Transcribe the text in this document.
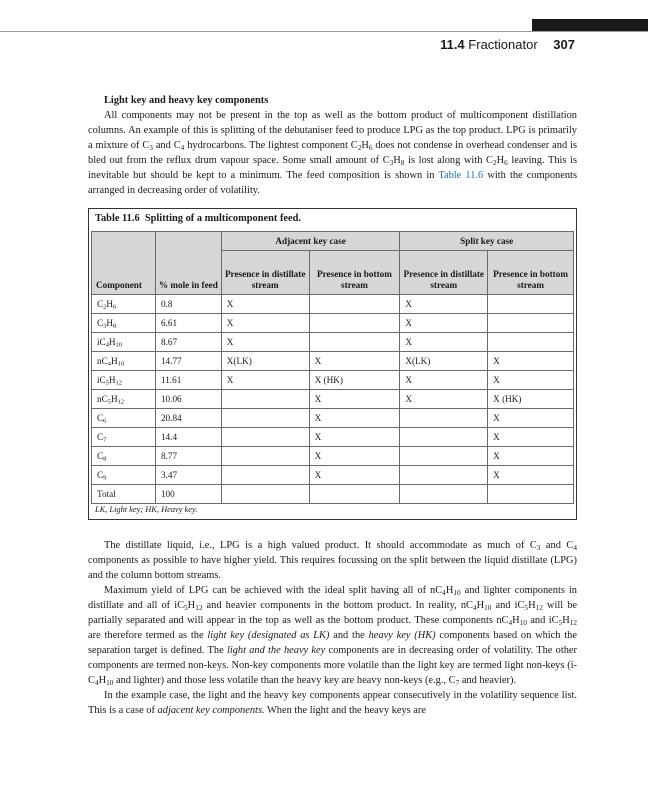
11.4 Fractionator 307
Light key and heavy key components

All components may not be present in the top as well as the bottom product of multicomponent distillation columns. An example of this is splitting of the debutaniser feed to produce LPG as the top product. LPG is primarily a mixture of $C_3$ and $C_4$ hydrocarbons. The lightest component $C_2H_6$ does not condense in overhead condenser and is bled out from the reflux drum vapour space. Some small amount of $C_3H_8$ is lost along with $C_2H_6$ leaving. This is inevitable but should be kept to a minimum. The feed composition is shown in Table 11.6 with the components arranged in decreasing order of volatility.

Table 11.6 Splitting of a multicomponent feed.
Component	% mole in feed	Adjacent key case		Split key case	
		Presence in distillate stream	Presence in bottom stream	Presence in distillate stream	Presence in bottom stream
$C_2H_6$	0.8	X		X	
$C_3H_8$	6.61	X		X	
$iC_4H_{10}$	8.67	X		X	
$nC_4H_{10}$	14.77	X(LK)	X	X(LK)	X
$iC_5H_{12}$	11.61	X	X (HK)	X	X
$nC_5H_{12}$	10.06		X	X	X (HK)
$C_6$	20.84		X		X
$C_7$	14.4		X		X
$C_8$	8.77		X		X
$C_9$	3.47		X		X
Total	100				
LK, Light key; HK, Heavy key.

The distillate liquid, i.e., LPG is a high valued product. It should accommodate as much of $C_3$ and $C_4$ components as possible to have higher yield. This requires focussing on the split between the liquid distillate (LPG) and the column bottom streams.

Maximum yield of LPG can be achieved with the ideal split having all of $nC_4H_{10}$ and lighter components in distillate and all of $iC_5H_{12}$ and heavier components in the bottom product. In reality, $nC_4H_{10}$ and $iC_5H_{12}$ will be partially separated and will appear in the top as well as the bottom product. These components $nC_4H_{10}$ and $iC_5H_{12}$ are therefore termed as the light key (designated as LK) and the heavy key (HK) components based on which the separation target is defined. The light and the heavy key components are in decreasing order of volatility. The other components are termed non-keys. Non-key components more volatile than the light key are termed light non-keys ($i-C_4H_{10}$ and lighter) and those less volatile than the heavy key are heavy non-keys (e.g., $C_7$ and heavier).

In the example case, the light and the heavy key components appear consecutively in the volatility sequence list. This is a case of adjacent key components. When the light and the heavy keys are
